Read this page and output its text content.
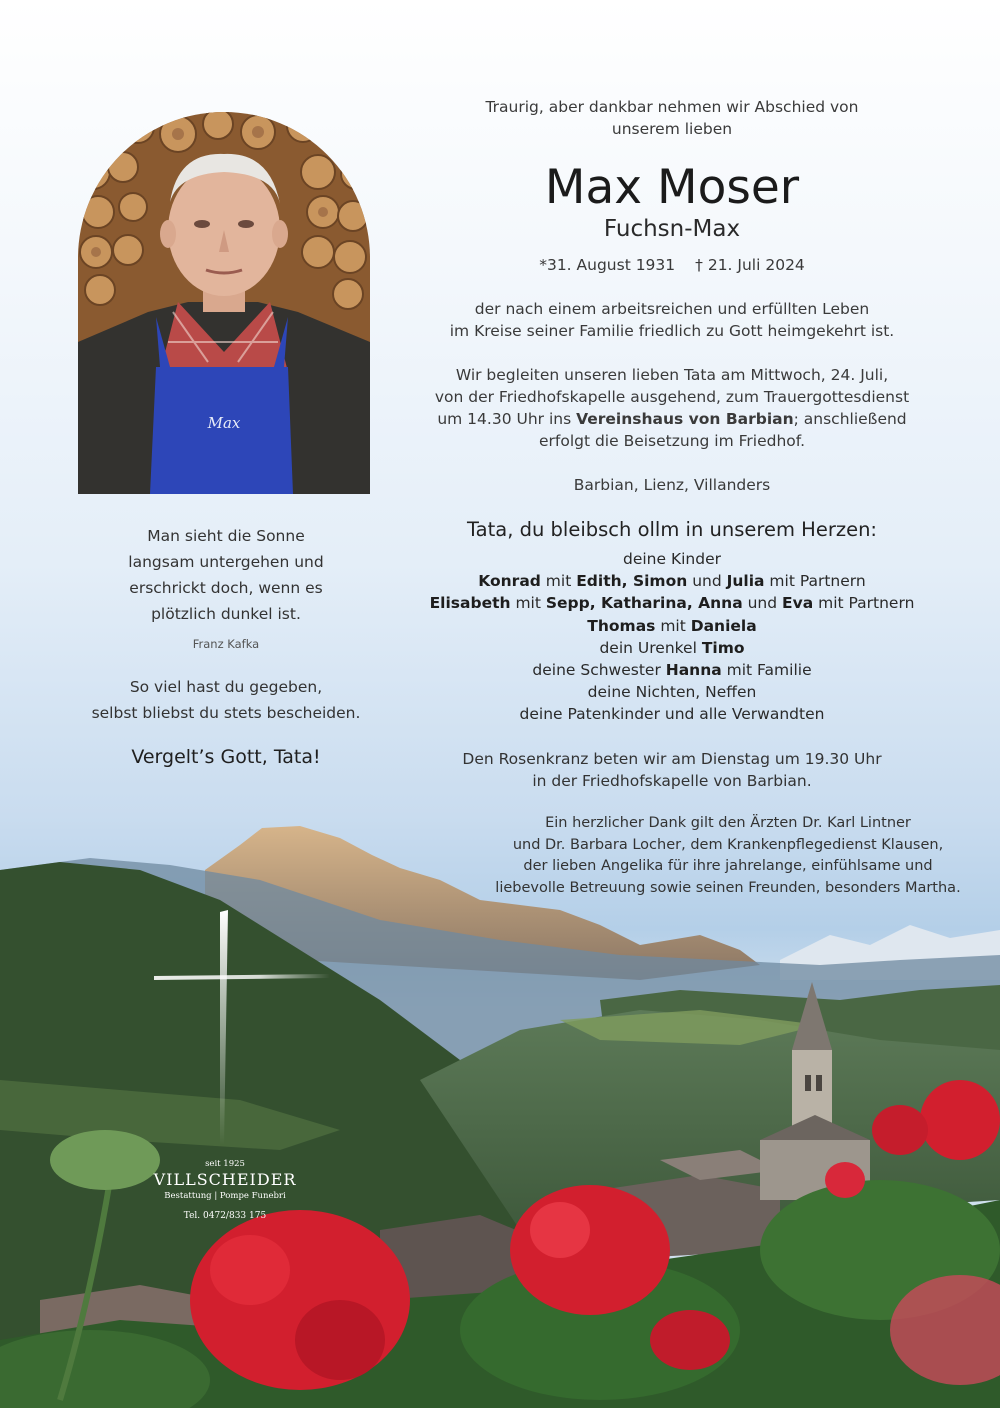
Max
Traurig, aber dankbar nehmen wir Abschied von
unserem lieben
Max Moser
Fuchsn-Max
*31. August 1931 † 21. Juli 2024
der nach einem arbeitsreichen und erfüllten Leben
im Kreise seiner Familie friedlich zu Gott heimgekehrt ist.
Wir begleiten unseren lieben Tata am Mittwoch, 24. Juli,
von der Friedhofskapelle ausgehend, zum Trauergottesdienst
um 14.30 Uhr ins Vereinshaus von Barbian; anschließend
erfolgt die Beisetzung im Friedhof.
Barbian, Lienz, Villanders
Tata, du bleibsch ollm in unserem Herzen:
deine Kinder
Konrad mit Edith, Simon und Julia mit Partnern
Elisabeth mit Sepp, Katharina, Anna und Eva mit Partnern
Thomas mit Daniela
dein Urenkel Timo
deine Schwester Hanna mit Familie
deine Nichten, Neffen
deine Patenkinder und alle Verwandten
Den Rosenkranz beten wir am Dienstag um 19.30 Uhr
in der Friedhofskapelle von Barbian.
Ein herzlicher Dank gilt den Ärzten Dr. Karl Lintner
und Dr. Barbara Locher, dem Krankenpflegedienst Klausen,
der lieben Angelika für ihre jahrelange, einfühlsame und
liebevolle Betreuung sowie seinen Freunden, besonders Martha.
Man sieht die Sonne
langsam untergehen und
erschrickt doch, wenn es
plötzlich dunkel ist.
Franz Kafka
So viel hast du gegeben,
selbst bliebst du stets bescheiden.
Vergelt’s Gott, Tata!
seit 1925
VILLSCHEIDER
Bestattung | Pompe Funebri
Tel. 0472/833 175
